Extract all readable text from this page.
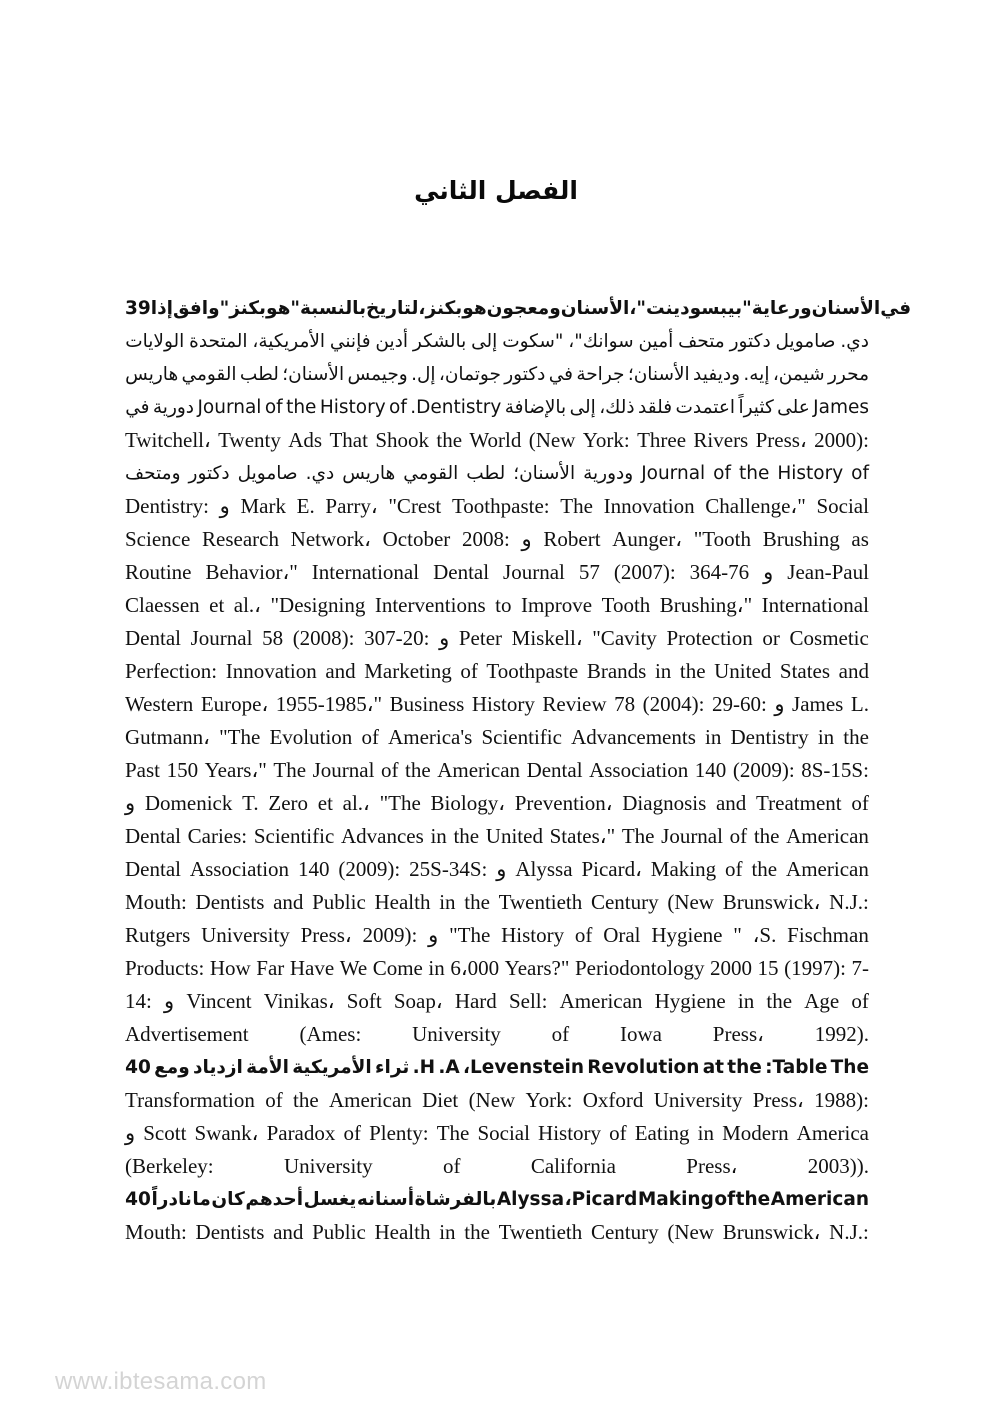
الفصل الثاني
39 إذا وافق "هوبكنز" بالنسبة لتاريخ هوبكنز، ومعجون الأسنان "بيبسودينت"، ورعاية الأسنان في
الولايات المتحدة الأمريكية، فإنني أدين بالشكر إلى "سكوت سوانك"، أمين متحف دكتور صامويل دي.
هاريس القومي لطب الأسنان؛ وجيمس إل. جوتمان، دكتور في جراحة الأسنان؛ وديفيد إيه. شيمن، محرر
في دورية Journal of the History of Dentistry. بالإضافة إلى ذلك، فلقد اعتمدت كثيراً على James
Twitchell، Twenty Ads That Shook the World (New York: Three Rivers Press، 2000):
ومتحف دكتور صامويل دي. هاريس القومي لطب الأسنان؛ ودورية Journal of the History of
Dentistry: و Mark E. Parry، "Crest Toothpaste: The Innovation Challenge،" Social
Science Research Network، October 2008: و Robert Aunger، "Tooth Brushing as
Routine Behavior،" International Dental Journal 57 (2007): 364-76 و Jean-Paul
Claessen et al.، "Designing Interventions to Improve Tooth Brushing،" International
Dental Journal 58 (2008): 307-20: و Peter Miskell، "Cavity Protection or Cosmetic
Perfection: Innovation and Marketing of Toothpaste Brands in the United States and
Western Europe، 1955-1985،" Business History Review 78 (2004): 29-60: و James L.
Gutmann، "The Evolution of America's Scientific Advancements in Dentistry in the
Past 150 Years،" The Journal of the American Dental Association 140 (2009): 8S-15S:
و Domenick T. Zero et al.، "The Biology، Prevention، Diagnosis and Treatment of
Dental Caries: Scientific Advances in the United States،" The Journal of the American
Dental Association 140 (2009): 25S-34S: و Alyssa Picard، Making of the American
Mouth: Dentists and Public Health in the Twentieth Century (New Brunswick، N.J.:
Rutgers University Press، 2009): و "The History of Oral Hygiene " ،S. Fischman
Products: How Far Have We Come in 6،000 Years?" Periodontology 2000 15 (1997): 7-
14: و Vincent Vinikas، Soft Soap، Hard Sell: American Hygiene in the Age of
Advertisement (Ames: University of Iowa Press، 1992).
40 ومع ازدياد الأمة الأمريكية ثراء H. A. Levenstein، Revolution at the Table: The
Transformation of the American Diet (New York: Oxford University Press، 1988):
و Scott Swank، Paradox of Plenty: The Social History of Eating in Modern America
(Berkeley: University of California Press، 2003)).
40 نادراً ما كان أحدهم يغسل أسنانه بالفرشاة Alyssa Picard، Making of the American
Mouth: Dentists and Public Health in the Twentieth Century (New Brunswick، N.J.:
www.ibtesama.com
